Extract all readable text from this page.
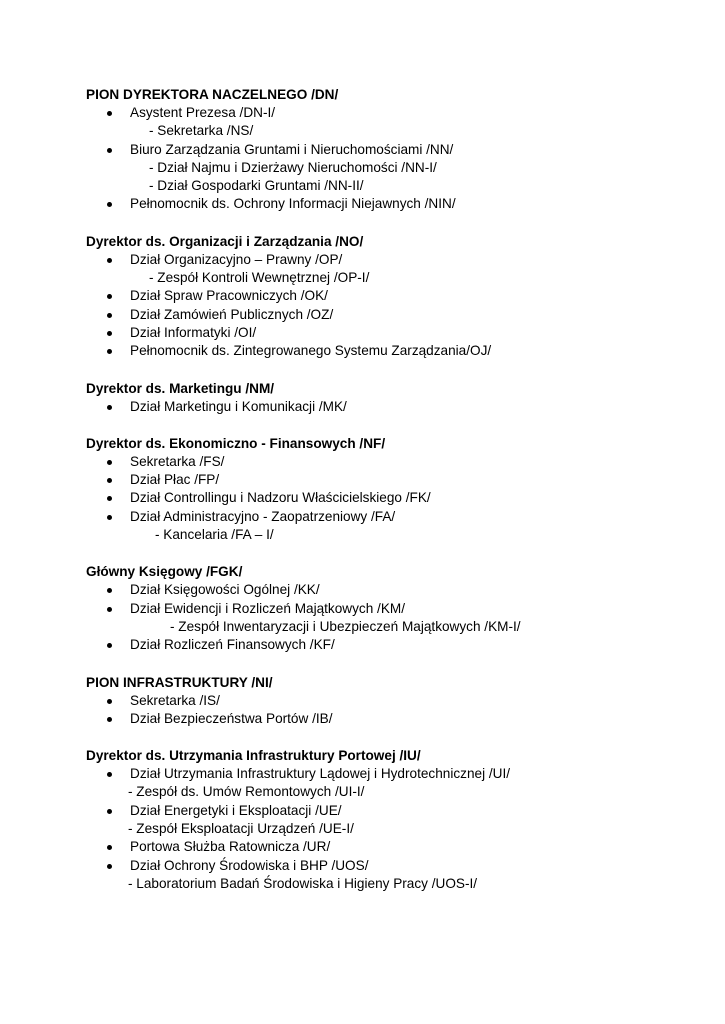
PION DYREKTORA NACZELNEGO /DN/
Asystent Prezesa /DN-I/
- Sekretarka /NS/
Biuro Zarządzania Gruntami i Nieruchomościami /NN/
- Dział Najmu i Dzierżawy Nieruchomości /NN-I/
- Dział Gospodarki Gruntami /NN-II/
Pełnomocnik ds. Ochrony Informacji Niejawnych /NIN/
Dyrektor ds. Organizacji i Zarządzania /NO/
Dział Organizacyjno – Prawny /OP/
- Zespół Kontroli Wewnętrznej /OP-I/
Dział Spraw Pracowniczych /OK/
Dział Zamówień Publicznych /OZ/
Dział Informatyki /OI/
Pełnomocnik ds. Zintegrowanego Systemu Zarządzania/OJ/
Dyrektor ds. Marketingu /NM/
Dział Marketingu i Komunikacji /MK/
Dyrektor ds. Ekonomiczno - Finansowych /NF/
Sekretarka /FS/
Dział Płac /FP/
Dział Controllingu i Nadzoru Właścicielskiego /FK/
Dział Administracyjno - Zaopatrzeniowy /FA/
- Kancelaria /FA – I/
Główny Księgowy /FGK/
Dział Księgowości Ogólnej /KK/
Dział Ewidencji i Rozliczeń Majątkowych /KM/
- Zespół Inwentaryzacji i Ubezpieczeń Majątkowych /KM-I/
Dział Rozliczeń Finansowych /KF/
PION INFRASTRUKTURY /NI/
Sekretarka /IS/
Dział Bezpieczeństwa Portów /IB/
Dyrektor ds. Utrzymania Infrastruktury Portowej /IU/
Dział Utrzymania Infrastruktury Lądowej i Hydrotechnicznej /UI/
- Zespół ds. Umów Remontowych /UI-I/
Dział Energetyki i Eksploatacji /UE/
- Zespół Eksploatacji Urządzeń /UE-I/
Portowa Służba Ratownicza /UR/
Dział Ochrony Środowiska i BHP /UOS/
- Laboratorium Badań Środowiska i Higieny Pracy /UOS-I/
